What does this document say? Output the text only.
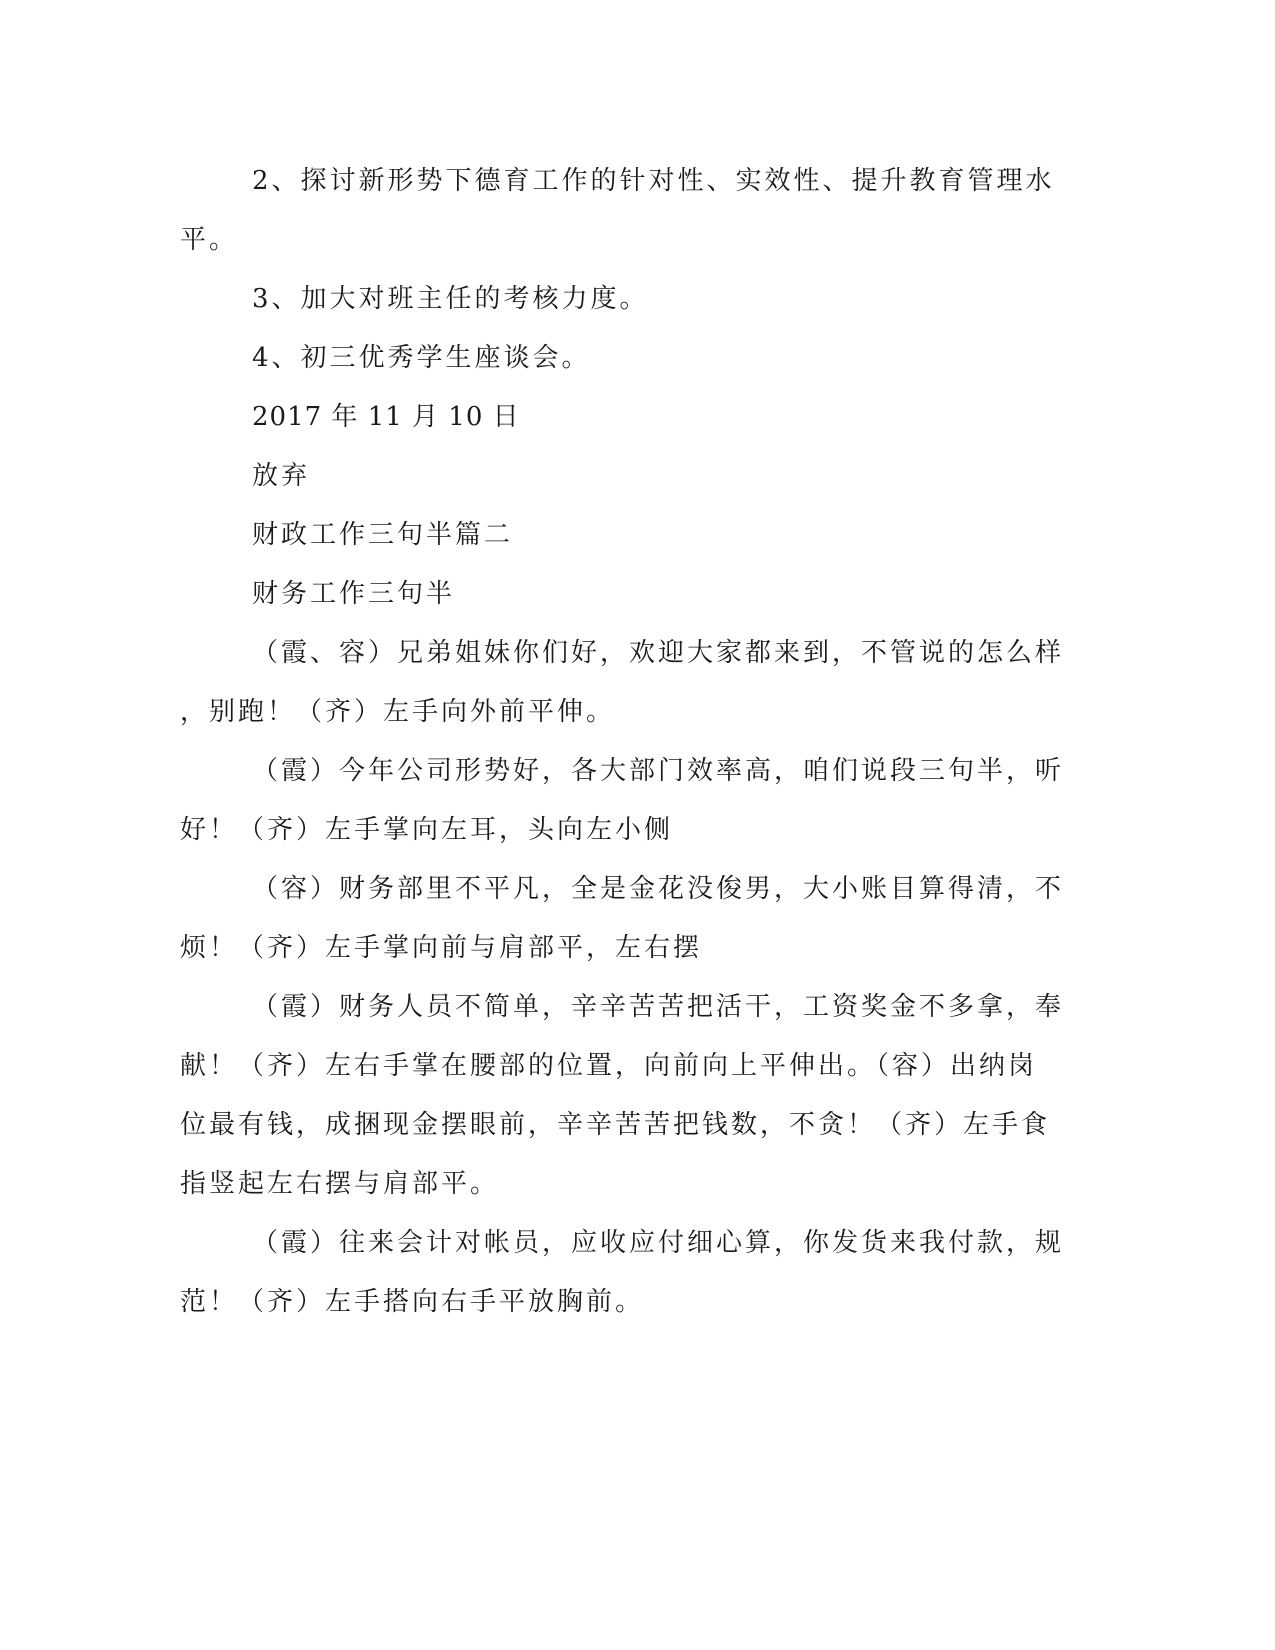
2、探讨新形势下德育工作的针对性、实效性、提升教育管理水
平。
3、加大对班主任的考核力度。
4、初三优秀学生座谈会。
2017 年 11 月 10 日
放弃
财政工作三句半篇二
财务工作三句半
（霞、容）兄弟姐妹你们好，欢迎大家都来到，不管说的怎么样
，别跑！（齐）左手向外前平伸。
（霞）今年公司形势好，各大部门效率高，咱们说段三句半，听
好！（齐）左手掌向左耳，头向左小侧
（容）财务部里不平凡，全是金花没俊男，大小账目算得清，不
烦！（齐）左手掌向前与肩部平，左右摆
（霞）财务人员不简单，辛辛苦苦把活干，工资奖金不多拿，奉
献！（齐）左右手掌在腰部的位置，向前向上平伸出。（容）出纳岗
位最有钱，成捆现金摆眼前，辛辛苦苦把钱数，不贪！（齐）左手食
指竖起左右摆与肩部平。
（霞）往来会计对帐员，应收应付细心算，你发货来我付款，规
范！（齐）左手搭向右手平放胸前。
